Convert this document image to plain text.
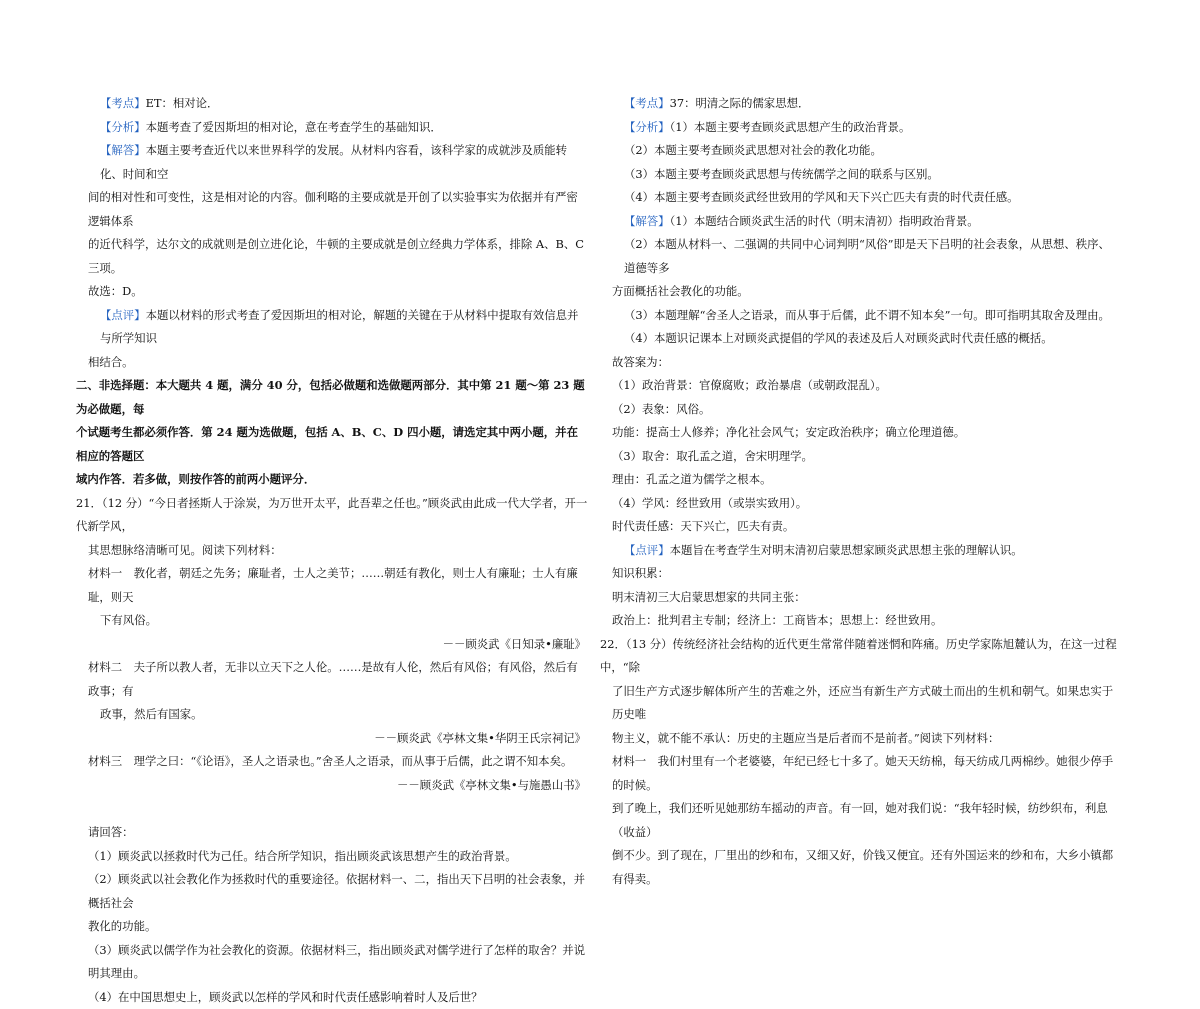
【考点】ET：相对论．

【分析】本题考查了爱因斯坦的相对论，意在考查学生的基础知识．

【解答】本题主要考查近代以来世界科学的发展。从材料内容看，该科学家的成就涉及质能转化、时间和空

间的相对性和可变性，这是相对论的内容。伽利略的主要成就是开创了以实验事实为依据并有严密逻辑体系

的近代科学，达尔文的成就则是创立进化论，牛顿的主要成就是创立经典力学体系，排除 A、B、C 三项。

故选：D。

【点评】本题以材料的形式考查了爱因斯坦的相对论，解题的关键在于从材料中提取有效信息并与所学知识

相结合。

二、非选择题：本大题共 4 题，满分 40 分，包括必做题和选做题两部分．其中第 21 题～第 23 题为必做题，每

个试题考生都必须作答．第 24 题为选做题，包括 A、B、C、D 四小题，请选定其中两小题，并在相应的答题区

域内作答．若多做，则按作答的前两小题评分．

21．（12 分）“今日者拯斯人于涂炭，为万世开太平，此吾辈之任也。”顾炎武由此成一代大学者，开一代新学风，

其思想脉络清晰可见。阅读下列材料：

材料一　教化者，朝廷之先务；廉耻者，士人之美节；……朝廷有教化，则士人有廉耻；士人有廉耻，则天

下有风俗。

－－顾炎武《日知录•廉耻》

材料二　夫子所以教人者，无非以立天下之人伦。……是故有人伦，然后有风俗；有风俗，然后有政事；有

政事，然后有国家。

－－顾炎武《亭林文集•华阴王氏宗祠记》

材料三　理学之曰：“《论语》，圣人之语录也。”舍圣人之语录，而从事于后儒，此之谓不知本矣。

－－顾炎武《亭林文集•与施愚山书》

请回答：

（1）顾炎武以拯救时代为己任。结合所学知识，指出顾炎武该思想产生的政治背景。

（2）顾炎武以社会教化作为拯救时代的重要途径。依据材料一、二，指出天下吕明的社会表象，并概括社会

教化的功能。

（3）顾炎武以儒学作为社会教化的资源。依据材料三，指出顾炎武对儒学进行了怎样的取舍？并说明其理由。

（4）在中国思想史上，顾炎武以怎样的学风和时代责任感影响着时人及后世？

【考点】37：明清之际的儒家思想．

【分析】（1）本题主要考查顾炎武思想产生的政治背景。

（2）本题主要考查顾炎武思想对社会的教化功能。

（3）本题主要考查顾炎武思想与传统儒学之间的联系与区别。

（4）本题主要考查顾炎武经世致用的学风和天下兴亡匹夫有责的时代责任感。

【解答】（1）本题结合顾炎武生活的时代（明末清初）指明政治背景。

（2）本题从材料一、二强调的共同中心词判明“风俗”即是天下吕明的社会表象，从思想、秩序、道德等多

方面概括社会教化的功能。

（3）本题理解“舍圣人之语录，而从事于后儒，此不谓不知本矣”一句。即可指明其取舍及理由。

（4）本题识记课本上对顾炎武提倡的学风的表述及后人对顾炎武时代责任感的概括。

故答案为：

（1）政治背景：官僚腐败；政治暴虐（或朝政混乱）。

（2）表象：风俗。

功能：提高士人修养；净化社会风气；安定政治秩序；确立伦理道德。

（3）取舍：取孔孟之道，舍宋明理学。

理由：孔孟之道为儒学之根本。

（4）学风：经世致用（或崇实致用）。

时代责任感：天下兴亡，匹夫有责。

【点评】本题旨在考查学生对明末清初启蒙思想家顾炎武思想主张的理解认识。

知识积累：

明末清初三大启蒙思想家的共同主张：

政治上：批判君主专制；经济上：工商皆本；思想上：经世致用。

22．（13 分）传统经济社会结构的近代更生常常伴随着迷惘和阵痛。历史学家陈旭麓认为，在这一过程中，“除

了旧生产方式逐步解体所产生的苦难之外，还应当有新生产方式破土而出的生机和朝气。如果忠实于历史唯

物主义，就不能不承认：历史的主题应当是后者而不是前者。”阅读下列材料：

材料一　我们村里有一个老婆婆，年纪已经七十多了。她天天纺棉，每天纺成几两棉纱。她很少停手的时候。

到了晚上，我们还听见她那纺车摇动的声音。有一回，她对我们说：“我年轻时候，纺纱织布，利息（收益）

倒不少。到了现在，厂里出的纱和布，又细又好，价钱又便宜。还有外国运来的纱和布，大乡小镇都有得卖。
